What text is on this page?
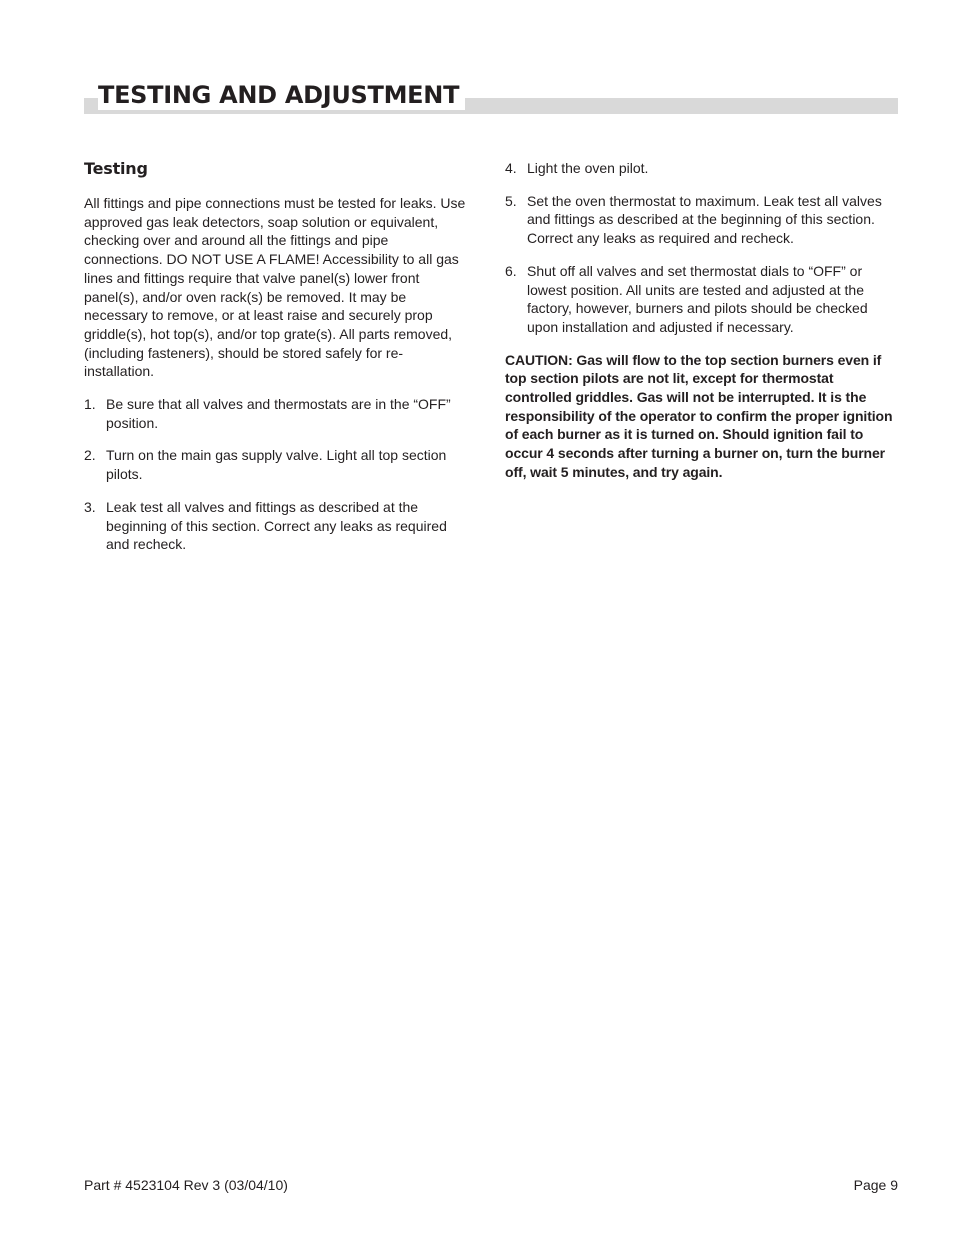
TESTING AND ADJUSTMENT
Testing

All fittings and pipe connections must be tested for leaks. Use approved gas leak detectors, soap solution or equivalent, checking over and around all the fittings and pipe connections. DO NOT USE A FLAME! Accessibility to all gas lines and fittings require that valve panel(s) lower front panel(s), and/or oven rack(s) be removed. It may be necessary to remove, or at least raise and securely prop griddle(s), hot top(s), and/or top grate(s). All parts removed, (including fasteners), should be stored safely for re-installation.

1. Be sure that all valves and thermostats are in the “OFF” position.
2. Turn on the main gas supply valve. Light all top section pilots.
3. Leak test all valves and fittings as described at the beginning of this section. Correct any leaks as required and recheck.
4. Light the oven pilot.
5. Set the oven thermostat to maximum. Leak test all valves and fittings as described at the beginning of this section. Correct any leaks as required and recheck.
6. Shut off all valves and set thermostat dials to “OFF” or lowest position. All units are tested and adjusted at the factory, however, burners and pilots should be checked upon installation and adjusted if necessary.

CAUTION: Gas will flow to the top section burners even if top section pilots are not lit, except for thermostat controlled griddles. Gas will not be interrupted. It is the responsibility of the operator to confirm the proper ignition of each burner as it is turned on. Should ignition fail to occur 4 seconds after turning a burner on, turn the burner off, wait 5 minutes, and try again.

Part # 4523104 Rev 3 (03/04/10)	Page 9
